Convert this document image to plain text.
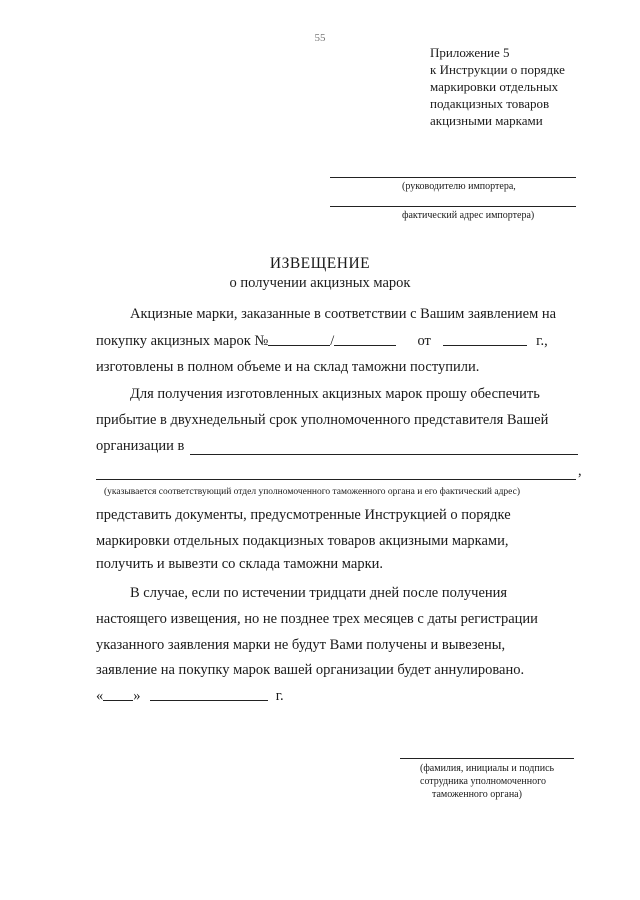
55
Приложение 5
к Инструкции о порядке
маркировки отдельных
подакцизных товаров
акцизными марками
(руководителю импортера,
фактический адрес импортера)
ИЗВЕЩЕНИЕ
о получении акцизных марок
Акцизные марки, заказанные в соответствии с Вашим заявлением на
покупку акцизных марок №	/	от	г.,
изготовлены в полном объеме и на склад таможни поступили.
Для получения изготовленных акцизных марок прошу обеспечить
прибытие в двухнедельный срок уполномоченного представителя Вашей
организации в
,
(указывается соответствующий отдел уполномоченного таможенного органа и его фактический адрес)
представить документы, предусмотренные Инструкцией о порядке
маркировки отдельных подакцизных товаров акцизными марками,
получить и вывезти со склада таможни марки.
В случае, если по истечении тридцати дней после получения
настоящего извещения, но не позднее трех месяцев с даты регистрации
указанного заявления марки не будут Вами получены и вывезены,
заявление на покупку марок вашей организации будет аннулировано.
« »	г.
(фамилия, инициалы и подпись
сотрудника уполномоченного
таможенного органа)
